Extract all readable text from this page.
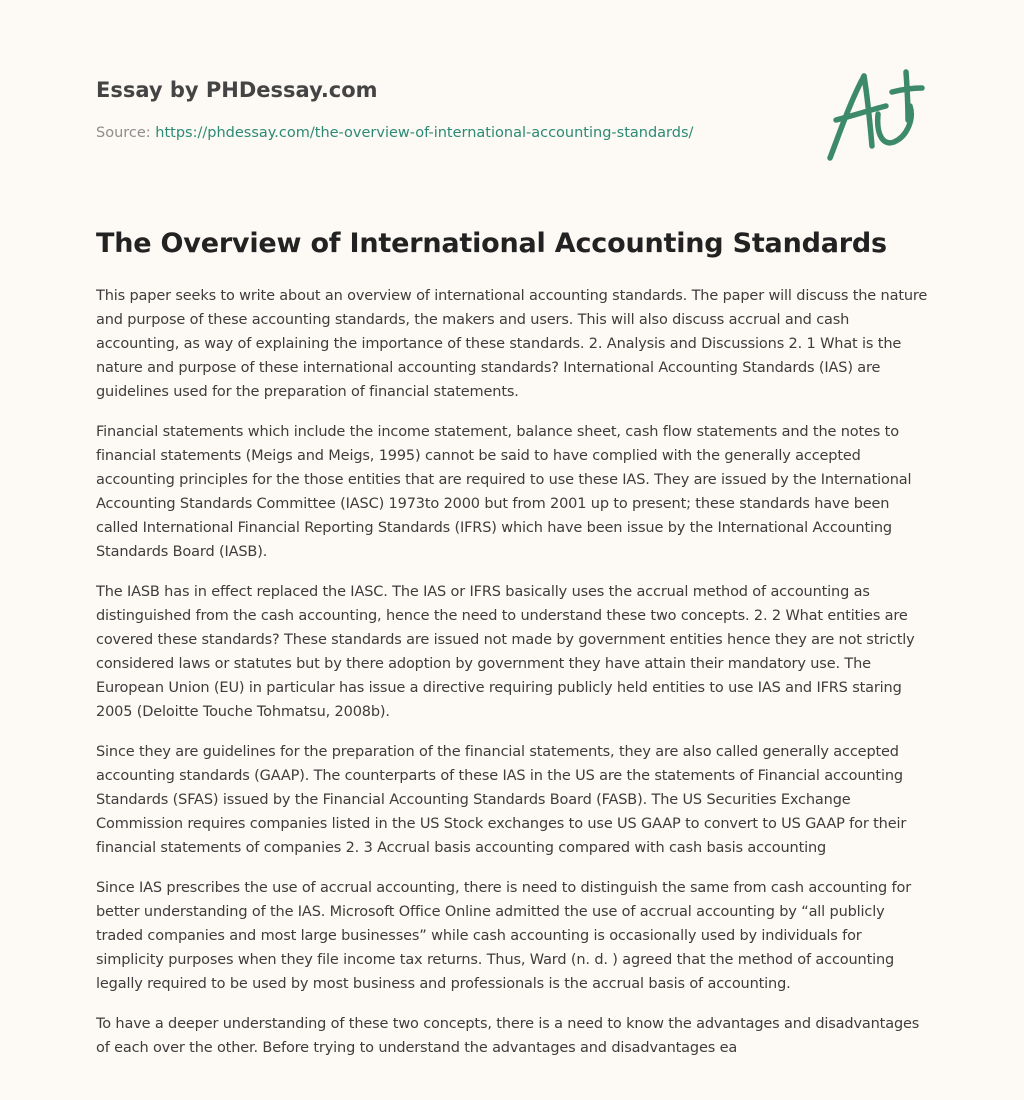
Essay by PHDessay.com

Source: https://phdessay.com/the-overview-of-international-accounting-standards/

The Overview of International Accounting Standards

This paper seeks to write about an overview of international accounting standards. The paper will discuss the nature and purpose of these accounting standards, the makers and users. This will also discuss accrual and cash accounting, as way of explaining the importance of these standards. 2. Analysis and Discussions 2. 1 What is the nature and purpose of these international accounting standards? International Accounting Standards (IAS) are guidelines used for the preparation of financial statements.

Financial statements which include the income statement, balance sheet, cash flow statements and the notes to financial statements (Meigs and Meigs, 1995) cannot be said to have complied with the generally accepted accounting principles for the those entities that are required to use these IAS. They are issued by the International Accounting Standards Committee (IASC) 1973to 2000 but from 2001 up to present; these standards have been called International Financial Reporting Standards (IFRS) which have been issue by the International Accounting Standards Board (IASB).

The IASB has in effect replaced the IASC. The IAS or IFRS basically uses the accrual method of accounting as distinguished from the cash accounting, hence the need to understand these two concepts. 2. 2 What entities are covered these standards? These standards are issued not made by government entities hence they are not strictly considered laws or statutes but by there adoption by government they have attain their mandatory use. The European Union (EU) in particular has issue a directive requiring publicly held entities to use IAS and IFRS staring 2005 (Deloitte Touche Tohmatsu, 2008b).

Since they are guidelines for the preparation of the financial statements, they are also called generally accepted accounting standards (GAAP). The counterparts of these IAS in the US are the statements of Financial accounting Standards (SFAS) issued by the Financial Accounting Standards Board (FASB). The US Securities Exchange Commission requires companies listed in the US Stock exchanges to use US GAAP to convert to US GAAP for their financial statements of companies 2. 3 Accrual basis accounting compared with cash basis accounting

Since IAS prescribes the use of accrual accounting, there is need to distinguish the same from cash accounting for better understanding of the IAS. Microsoft Office Online admitted the use of accrual accounting by “all publicly traded companies and most large businesses” while cash accounting is occasionally used by individuals for simplicity purposes when they file income tax returns. Thus, Ward (n. d. ) agreed that the method of accounting legally required to be used by most business and professionals is the accrual basis of accounting.

To have a deeper understanding of these two concepts, there is a need to know the advantages and disadvantages of each over the other. Before trying to understand the advantages and disadvantages ea
